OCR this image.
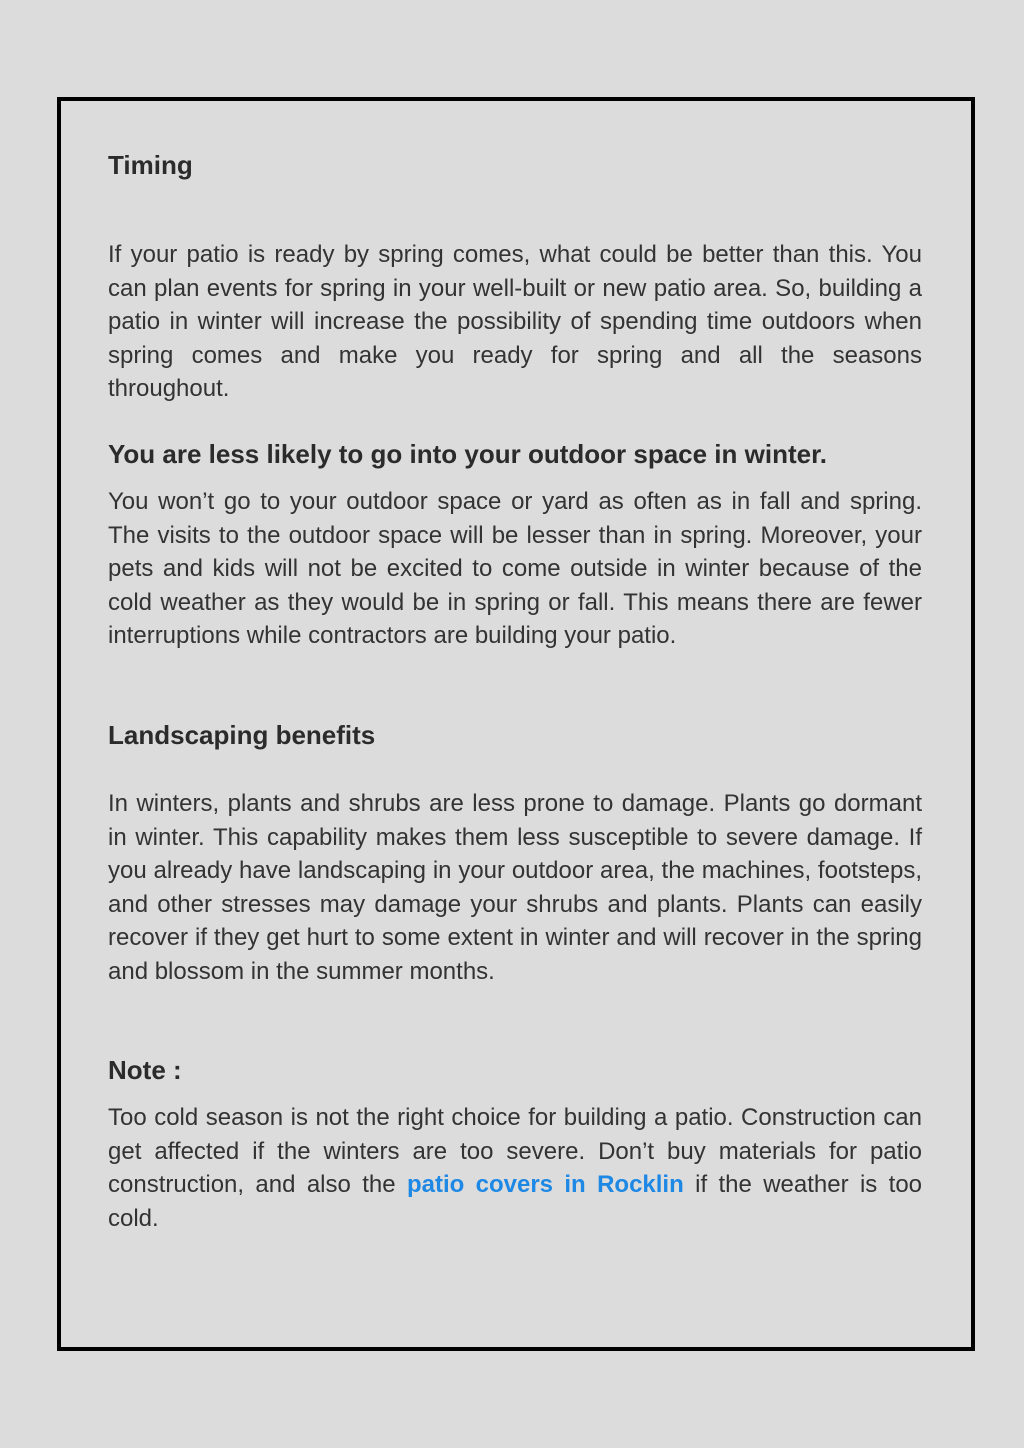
Timing

If your patio is ready by spring comes, what could be better than this. You can plan events for spring in your well-built or new patio area. So, building a patio in winter will increase the possibility of spending time outdoors when spring comes and make you ready for spring and all the seasons throughout.

You are less likely to go into your outdoor space in winter.

You won’t go to your outdoor space or yard as often as in fall and spring. The visits to the outdoor space will be lesser than in spring. Moreover, your pets and kids will not be excited to come outside in winter because of the cold weather as they would be in spring or fall. This means there are fewer interruptions while contractors are building your patio.

Landscaping benefits

In winters, plants and shrubs are less prone to damage. Plants go dormant in winter. This capability makes them less susceptible to severe damage. If you already have landscaping in your outdoor area, the machines, footsteps, and other stresses may damage your shrubs and plants. Plants can easily recover if they get hurt to some extent in winter and will recover in the spring and blossom in the summer months.

Note :

Too cold season is not the right choice for building a patio. Construction can get affected if the winters are too severe. Don’t buy materials for patio construction, and also the patio covers in Rocklin if the weather is too cold.
